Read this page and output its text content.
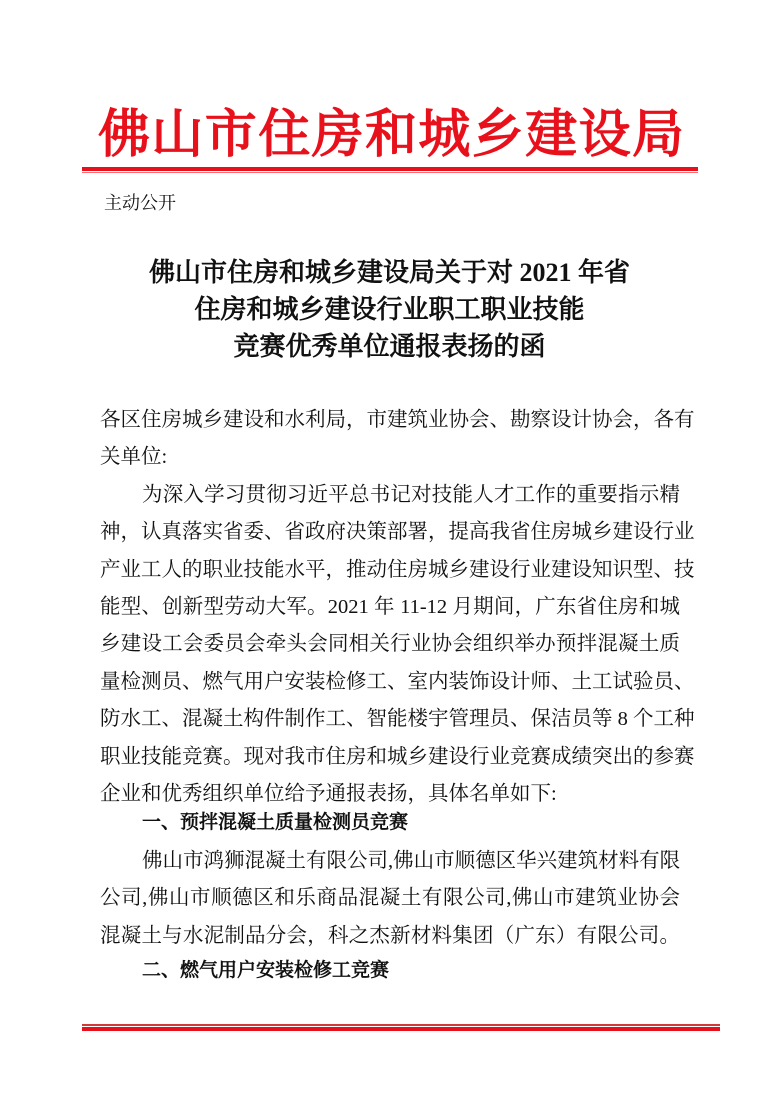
佛山市住房和城乡建设局
主动公开
佛山市住房和城乡建设局关于对 2021 年省
住房和城乡建设行业职工职业技能
竞赛优秀单位通报表扬的函
各区住房城乡建设和水利局，市建筑业协会、勘察设计协会，各有
关单位:
为深入学习贯彻习近平总书记对技能人才工作的重要指示精
神，认真落实省委、省政府决策部署，提高我省住房城乡建设行业
产业工人的职业技能水平，推动住房城乡建设行业建设知识型、技
能型、创新型劳动大军。2021 年 11-12 月期间，广东省住房和城
乡建设工会委员会牵头会同相关行业协会组织举办预拌混凝土质
量检测员、燃气用户安装检修工、室内装饰设计师、土工试验员、
防水工、混凝土构件制作工、智能楼宇管理员、保洁员等 8 个工种
职业技能竞赛。现对我市住房和城乡建设行业竞赛成绩突出的参赛
企业和优秀组织单位给予通报表扬，具体名单如下:
一、预拌混凝土质量检测员竞赛
佛山市鸿狮混凝土有限公司,佛山市顺德区华兴建筑材料有限
公司,佛山市顺德区和乐商品混凝土有限公司,佛山市建筑业协会
混凝土与水泥制品分会，科之杰新材料集团（广东）有限公司。
二、燃气用户安装检修工竞赛
